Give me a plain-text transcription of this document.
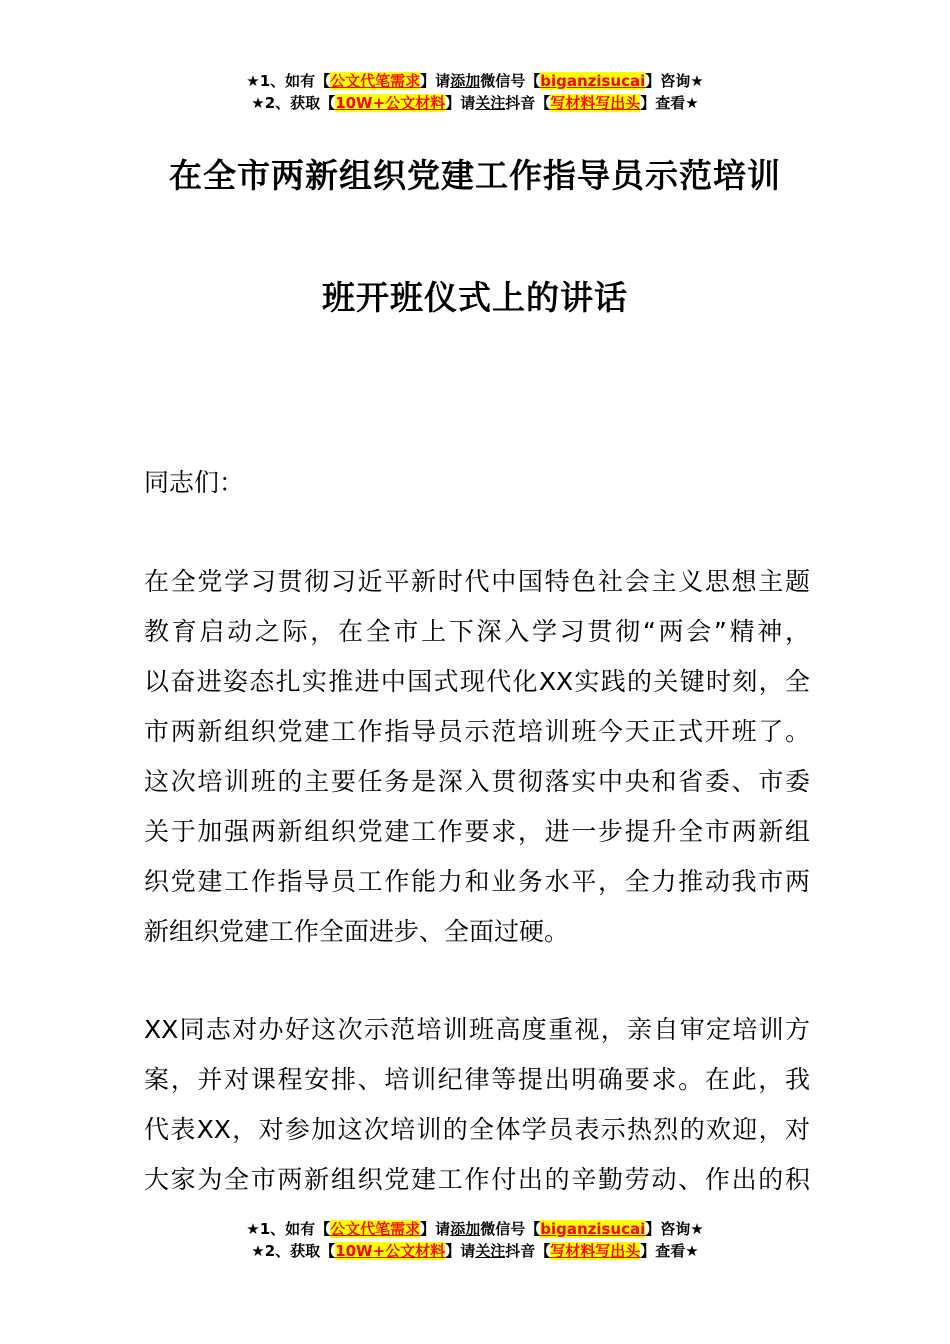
★1、如有【公文代笔需求】请添加微信号【biganzisucai】咨询★
★2、获取【10W+公文材料】请关注抖音【写材料写出头】查看★
在全市两新组织党建工作指导员示范培训
班开班仪式上的讲话
同志们：

在全党学习贯彻习近平新时代中国特色社会主义思想主题
教育启动之际，在全市上下深入学习贯彻“两会”精神，
以奋进姿态扎实推进中国式现代化XX实践的关键时刻，全
市两新组织党建工作指导员示范培训班今天正式开班了。
这次培训班的主要任务是深入贯彻落实中央和省委、市委
关于加强两新组织党建工作要求，进一步提升全市两新组
织党建工作指导员工作能力和业务水平，全力推动我市两
新组织党建工作全面进步、全面过硬。

XX同志对办好这次示范培训班高度重视，亲自审定培训方
案，并对课程安排、培训纪律等提出明确要求。在此，我
代表XX，对参加这次培训的全体学员表示热烈的欢迎，对
大家为全市两新组织党建工作付出的辛勤劳动、作出的积

★1、如有【公文代笔需求】请添加微信号【biganzisucai】咨询★
★2、获取【10W+公文材料】请关注抖音【写材料写出头】查看★
